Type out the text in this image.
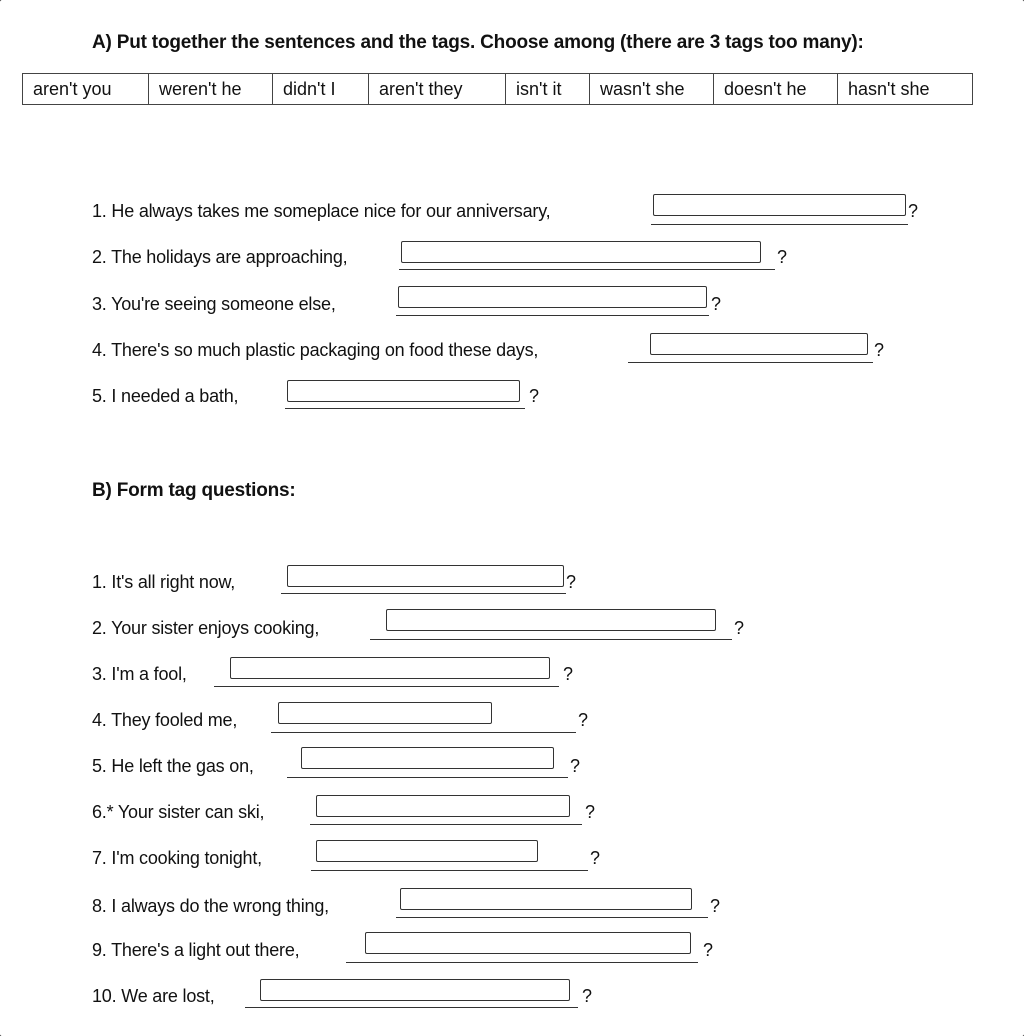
A) Put together the sentences and the tags. Choose among (there are 3 tags too many):
aren't you	weren't he	didn't I	aren't they	isn't it	wasn't she	doesn't he	hasn't she
1. He always takes me someplace nice for our anniversary,	?
2. The holidays are approaching,	?
3. You're seeing someone else,	?
4. There's so much plastic packaging on food these days,	?
5. I needed a bath,	?
B) Form tag questions:
1. It's all right now,	?
2. Your sister enjoys cooking,	?
3. I'm a fool,	?
4. They fooled me,	?
5. He left the gas on,	?
6.* Your sister can ski,	?
7. I'm cooking tonight,	?
8. I always do the wrong thing,	?
9. There's a light out there,	?
10. We are lost,	?
